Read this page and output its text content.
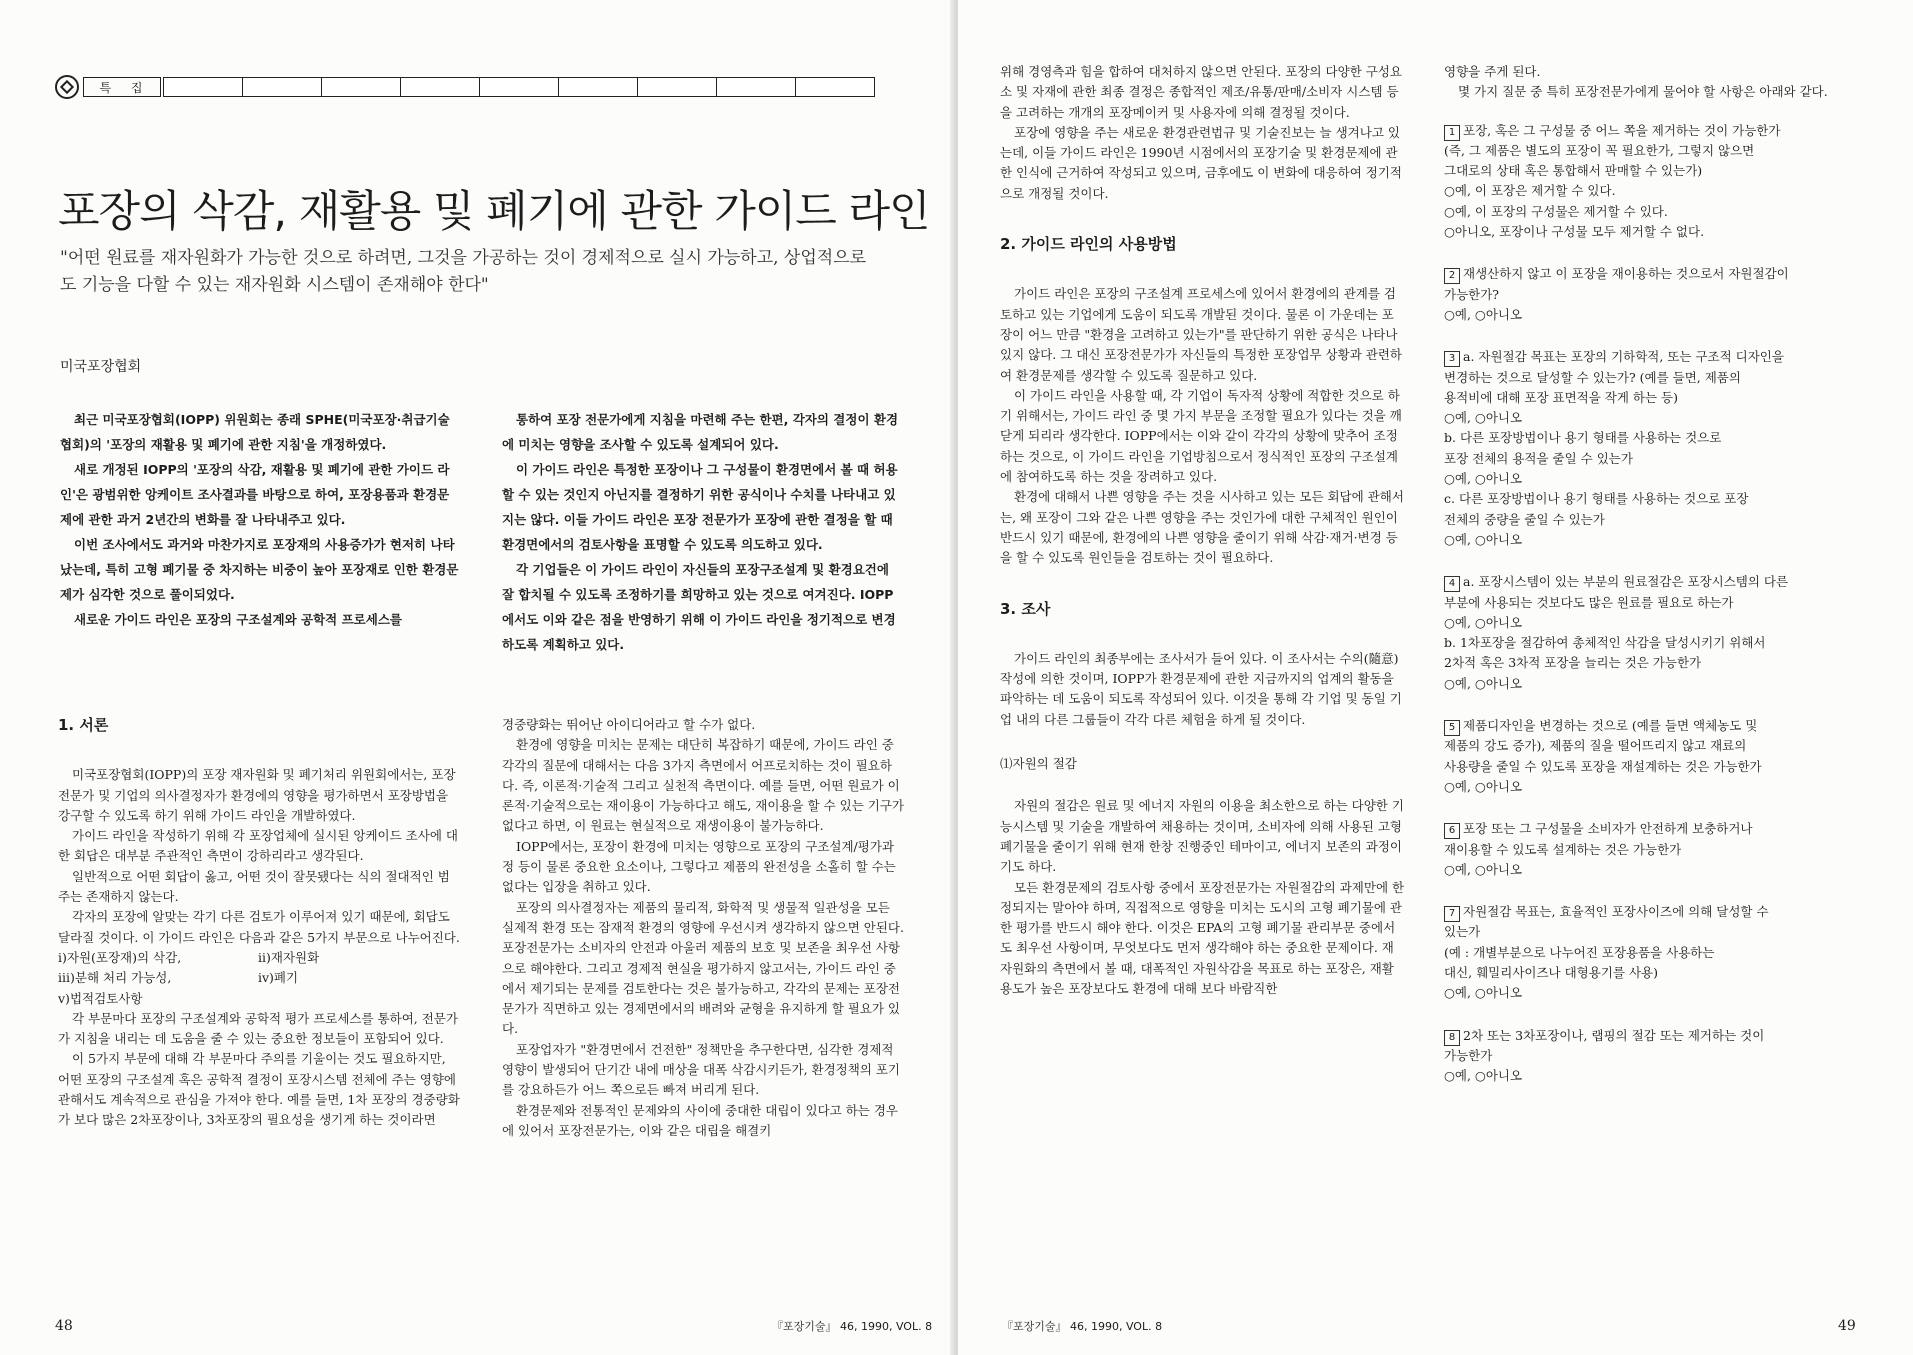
특 집
포장의 삭감, 재활용 및 폐기에 관한 가이드 라인
"어떤 원료를 재자원화가 가능한 것으로 하려면, 그것을 가공하는 것이 경제적으로 실시 가능하고, 상업적으로도 기능을 다할 수 있는 재자원화 시스템이 존재해야 한다"
미국포장협회

최근 미국포장협회(IOPP) 위원회는 종래 SPHE(미국포장·취급기술협회)의 '포장의 재활용 및 폐기에 관한 지침'을 개정하였다.

새로 개정된 IOPP의 '포장의 삭감, 재활용 및 폐기에 관한 가이드 라인'은 광범위한 앙케이트 조사결과를 바탕으로 하여, 포장용품과 환경문제에 관한 과거 2년간의 변화를 잘 나타내주고 있다.

이번 조사에서도 과거와 마찬가지로 포장재의 사용증가가 현저히 나타났는데, 특히 고형 폐기물 중 차지하는 비중이 높아 포장재로 인한 환경문제가 심각한 것으로 풀이되었다.

새로운 가이드 라인은 포장의 구조설계와 공학적 프로세스를

통하여 포장 전문가에게 지침을 마련해 주는 한편, 각자의 결정이 환경에 미치는 영향을 조사할 수 있도록 설계되어 있다.

이 가이드 라인은 특정한 포장이나 그 구성물이 환경면에서 볼 때 허용할 수 있는 것인지 아닌지를 결정하기 위한 공식이나 수치를 나타내고 있지는 않다. 이들 가이드 라인은 포장 전문가가 포장에 관한 결정을 할 때 환경면에서의 검토사항을 표명할 수 있도록 의도하고 있다.

각 기업들은 이 가이드 라인이 자신들의 포장구조설계 및 환경요건에 잘 합치될 수 있도록 조정하기를 희망하고 있는 것으로 여겨진다. IOPP에서도 이와 같은 점을 반영하기 위해 이 가이드 라인을 정기적으로 변경하도록 계획하고 있다.

1. 서론

미국포장협회(IOPP)의 포장 재자원화 및 폐기처리 위원회에서는, 포장 전문가 및 기업의 의사결정자가 환경에의 영향을 평가하면서 포장방법을 강구할 수 있도록 하기 위해 가이드 라인을 개발하였다.

가이드 라인을 작성하기 위해 각 포장업체에 실시된 앙케이드 조사에 대한 회답은 대부분 주관적인 측면이 강하리라고 생각된다.

일반적으로 어떤 회답이 옳고, 어떤 것이 잘못됐다는 식의 절대적인 범주는 존재하지 않는다.

각자의 포장에 알맞는 각기 다른 검토가 이루어져 있기 때문에, 회답도 달라질 것이다. 이 가이드 라인은 다음과 같은 5가지 부문으로 나누어진다.

ⅰ)자원(포장재)의 삭감,	ⅱ)재자원화

ⅲ)분해 처리 가능성,	ⅳ)폐기

ⅴ)법적검토사항

각 부문마다 포장의 구조설계와 공학적 평가 프로세스를 통하여, 전문가가 지침을 내리는 데 도움을 줄 수 있는 중요한 정보들이 포함되어 있다.

이 5가지 부문에 대해 각 부문마다 주의를 기울이는 것도 필요하지만, 어떤 포장의 구조설계 혹은 공학적 결정이 포장시스템 전체에 주는 영향에 관해서도 계속적으로 관심을 가져야 한다. 예를 들면, 1차 포장의 경중량화가 보다 많은 2차포장이나, 3차포장의 필요성을 생기게 하는 것이라면

경중량화는 뛰어난 아이디어라고 할 수가 없다.

환경에 영향을 미치는 문제는 대단히 복잡하기 때문에, 가이드 라인 중 각각의 질문에 대해서는 다음 3가지 측면에서 어프로치하는 것이 필요하다. 즉, 이론적·기술적 그리고 실천적 측면이다. 예를 들면, 어떤 원료가 이론적·기술적으로는 재이용이 가능하다고 해도, 재이용을 할 수 있는 기구가 없다고 하면, 이 원료는 현실적으로 재생이용이 불가능하다.

IOPP에서는, 포장이 환경에 미치는 영향으로 포장의 구조설계/평가과정 등이 물론 중요한 요소이나, 그렇다고 제품의 완전성을 소홀히 할 수는 없다는 입장을 취하고 있다.

포장의 의사결정자는 제품의 물리적, 화학적 및 생물적 일관성을 모든 실제적 환경 또는 잠재적 환경의 영향에 우선시켜 생각하지 않으면 안된다. 포장전문가는 소비자의 안전과 아울러 제품의 보호 및 보존을 최우선 사항으로 해야한다. 그리고 경제적 현실을 평가하지 않고서는, 가이드 라인 중에서 제기되는 문제를 검토한다는 것은 불가능하고, 각각의 문제는 포장전문가가 직면하고 있는 경제면에서의 배려와 균형을 유지하게 할 필요가 있다.

포장업자가 "환경면에서 건전한" 정책만을 추구한다면, 심각한 경제적 영향이 발생되어 단기간 내에 매상을 대폭 삭감시키든가, 환경정책의 포기를 강요하든가 어느 쪽으로든 빠져 버리게 된다.

환경문제와 전통적인 문제와의 사이에 중대한 대립이 있다고 하는 경우에 있어서 포장전문가는, 이와 같은 대립을 해결키

48	『포장기술』 46, 1990, VOL. 8

위해 경영측과 힘을 합하여 대처하지 않으면 안된다. 포장의 다양한 구성요소 및 자재에 관한 최종 결정은 종합적인 제조/유통/판매/소비자 시스템 등을 고려하는 개개의 포장메이커 및 사용자에 의해 결정될 것이다.

포장에 영향을 주는 새로운 환경관련법규 및 기술진보는 늘 생겨나고 있는데, 이들 가이드 라인은 1990년 시점에서의 포장기술 및 환경문제에 관한 인식에 근거하여 작성되고 있으며, 금후에도 이 변화에 대응하여 정기적으로 개정될 것이다.

2. 가이드 라인의 사용방법

가이드 라인은 포장의 구조설계 프로세스에 있어서 환경에의 관계를 검토하고 있는 기업에게 도움이 되도록 개발된 것이다. 물론 이 가운데는 포장이 어느 만큼 "환경을 고려하고 있는가"를 판단하기 위한 공식은 나타나 있지 않다. 그 대신 포장전문가가 자신들의 특정한 포장업무 상황과 관련하여 환경문제를 생각할 수 있도록 질문하고 있다.

이 가이드 라인을 사용할 때, 각 기업이 독자적 상황에 적합한 것으로 하기 위해서는, 가이드 라인 중 몇 가지 부문을 조정할 필요가 있다는 것을 깨닫게 되리라 생각한다. IOPP에서는 이와 같이 각각의 상황에 맞추어 조정하는 것으로, 이 가이드 라인을 기업방침으로서 정식적인 포장의 구조설계에 참여하도록 하는 것을 장려하고 있다.

환경에 대해서 나쁜 영향을 주는 것을 시사하고 있는 모든 회답에 관해서는, 왜 포장이 그와 같은 나쁜 영향을 주는 것인가에 대한 구체적인 원인이 반드시 있기 때문에, 환경에의 나쁜 영향을 줄이기 위해 삭감·재거·변경 등을 할 수 있도록 원인들을 검토하는 것이 필요하다.

3. 조사

가이드 라인의 최종부에는 조사서가 들어 있다. 이 조사서는 수의(隨意)작성에 의한 것이며, IOPP가 환경문제에 관한 지금까지의 업계의 활동을 파악하는 데 도움이 되도록 작성되어 있다. 이것을 통해 각 기업 및 동일 기업 내의 다른 그룹들이 각각 다른 체험을 하게 될 것이다.

⑴자원의 절감

자원의 절감은 원료 및 에너지 자원의 이용을 최소한으로 하는 다양한 기능시스템 및 기술을 개발하여 채용하는 것이며, 소비자에 의해 사용된 고형 폐기물을 줄이기 위해 현재 한창 진행중인 테마이고, 에너지 보존의 과정이기도 하다.

모든 환경문제의 검토사항 중에서 포장전문가는 자원절감의 과제만에 한정되지는 말아야 하며, 직접적으로 영향을 미치는 도시의 고형 폐기물에 관한 평가를 반드시 해야 한다. 이것은 EPA의 고형 폐기물 관리부문 중에서도 최우선 사항이며, 무엇보다도 먼저 생각해야 하는 중요한 문제이다. 재자원화의 측면에서 볼 때, 대폭적인 자원삭감을 목표로 하는 포장은, 재활용도가 높은 포장보다도 환경에 대해 보다 바람직한

영향을 주게 된다.

몇 가지 질문 중 특히 포장전문가에게 물어야 할 사항은 아래와 같다.

1 포장, 혹은 그 구성물 중 어느 쪽을 제거하는 것이 가능한가

(즉, 그 제품은 별도의 포장이 꼭 필요한가, 그렇지 않으면

그대로의 상태 혹은 통합해서 판매할 수 있는가)

○예, 이 포장은 제거할 수 있다.

○예, 이 포장의 구성물은 제거할 수 있다.

○아니오, 포장이나 구성물 모두 제거할 수 없다.

2 재생산하지 않고 이 포장을 재이용하는 것으로서 자원절감이

가능한가?

○예, ○아니오

3 a. 자원절감 목표는 포장의 기하학적, 또는 구조적 디자인을

변경하는 것으로 달성할 수 있는가? (예를 들면, 제품의

용적비에 대해 포장 표면적을 작게 하는 등)

○예, ○아니오

b. 다른 포장방법이나 용기 형태를 사용하는 것으로

포장 전체의 용적을 줄일 수 있는가

○예, ○아니오

c. 다른 포장방법이나 용기 형태를 사용하는 것으로 포장

전체의 중량을 줄일 수 있는가

○예, ○아니오

4 a. 포장시스템이 있는 부분의 원료절감은 포장시스템의 다른

부분에 사용되는 것보다도 많은 원료를 필요로 하는가

○예, ○아니오

b. 1차포장을 절감하여 총체적인 삭감을 달성시키기 위해서

2차적 혹은 3차적 포장을 늘리는 것은 가능한가

○예, ○아니오

5 제품디자인을 변경하는 것으로 (예를 들면 액체농도 및

제품의 강도 증가), 제품의 질을 떨어뜨리지 않고 재료의

사용량을 줄일 수 있도록 포장을 재설계하는 것은 가능한가

○예, ○아니오

6 포장 또는 그 구성물을 소비자가 안전하게 보충하거나

재이용할 수 있도록 설계하는 것은 가능한가

○예, ○아니오

7 자원절감 목표는, 효율적인 포장사이즈에 의해 달성할 수

있는가

(예 : 개별부분으로 나누어진 포장용품을 사용하는

대신, 훼밀리사이즈나 대형용기를 사용)

○예, ○아니오

8 2차 또는 3차포장이나, 랩핑의 절감 또는 제거하는 것이

가능한가

○예, ○아니오

『포장기술』 46, 1990, VOL. 8	49
